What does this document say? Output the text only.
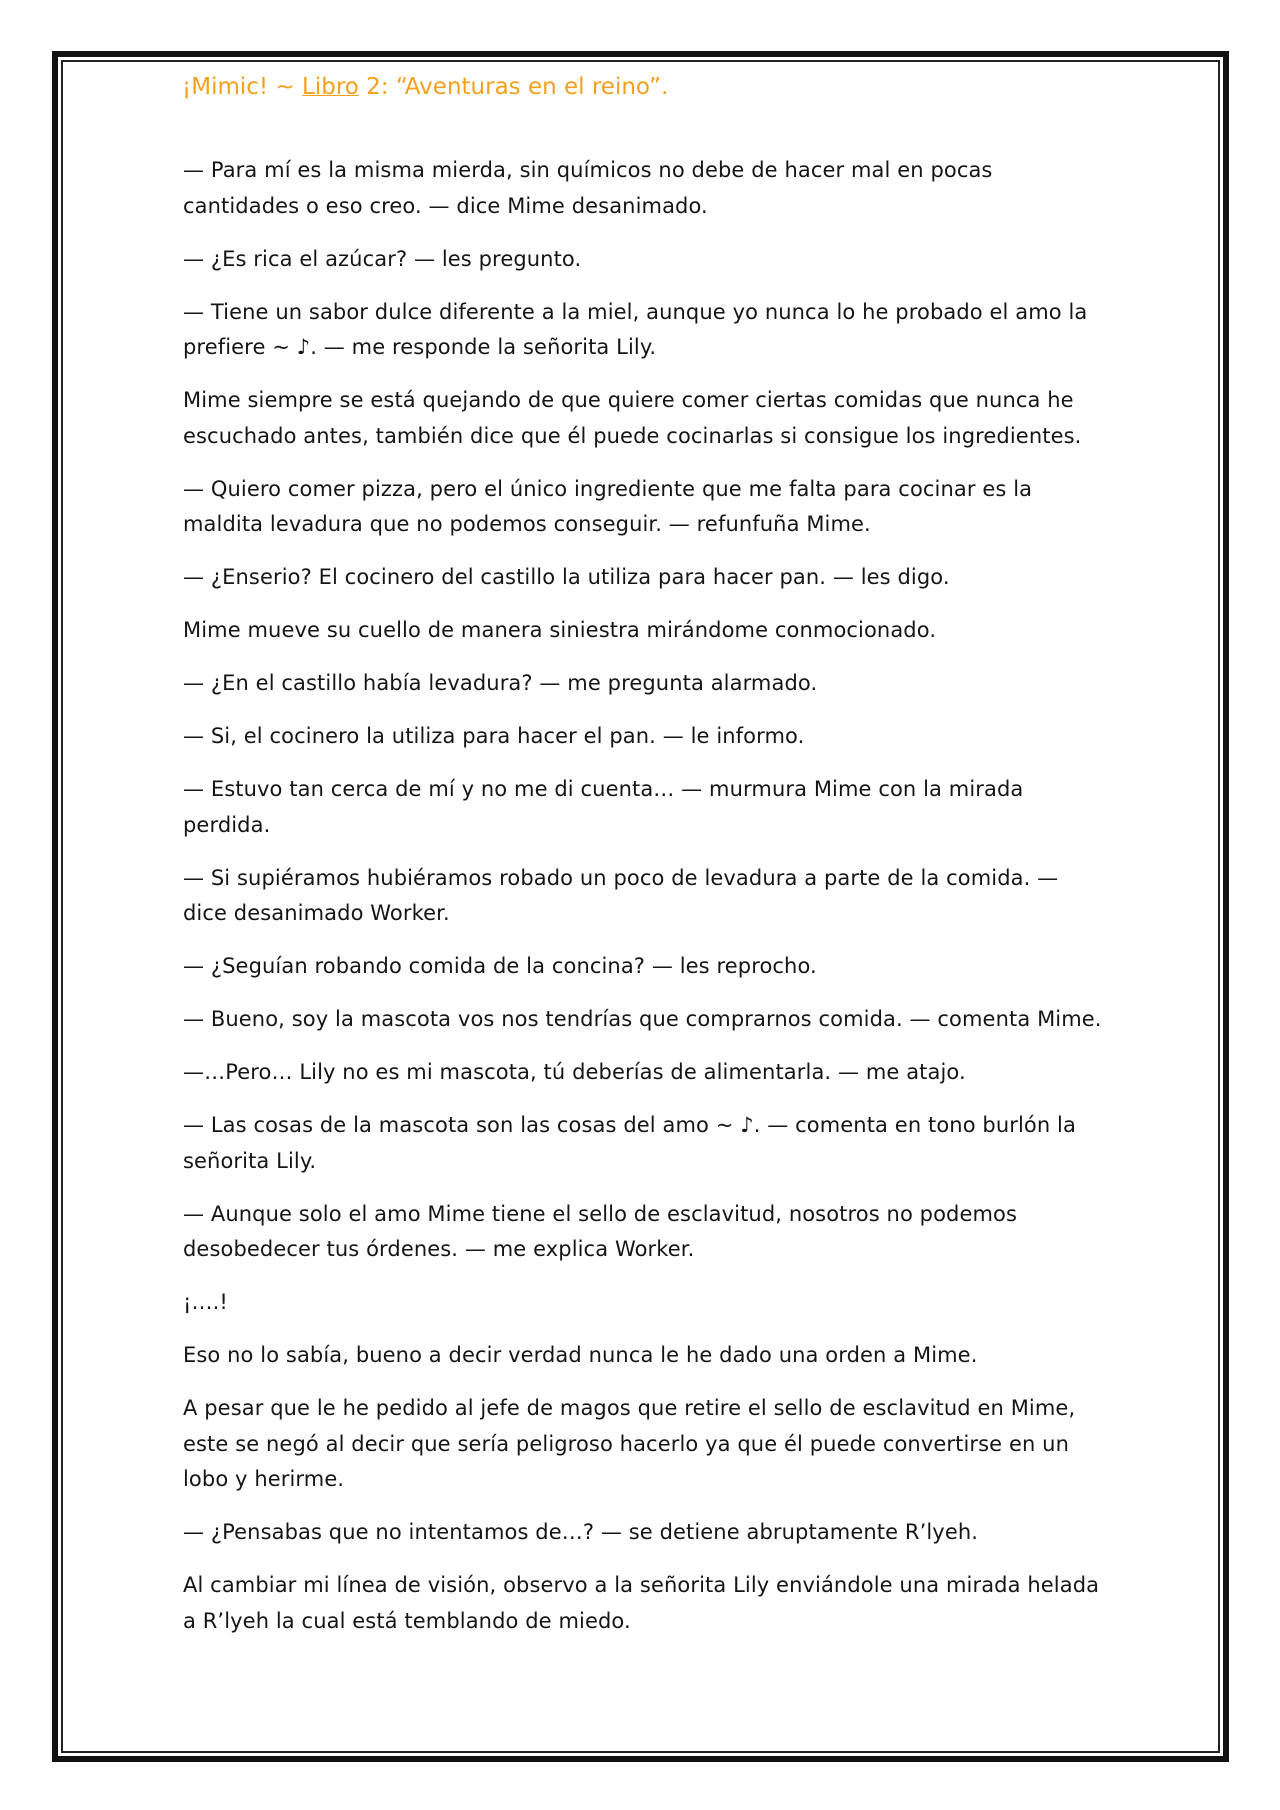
¡Mimic! ~ Libro 2: “Aventuras en el reino”.

— Para mí es la misma mierda, sin químicos no debe de hacer mal en pocas cantidades o eso creo. — dice Mime desanimado.

— ¿Es rica el azúcar? — les pregunto.

— Tiene un sabor dulce diferente a la miel, aunque yo nunca lo he probado el amo la prefiere ~ ♪. — me responde la señorita Lily.

Mime siempre se está quejando de que quiere comer ciertas comidas que nunca he escuchado antes, también dice que él puede cocinarlas si consigue los ingredientes.

— Quiero comer pizza, pero el único ingrediente que me falta para cocinar es la maldita levadura que no podemos conseguir. — refunfuña Mime.

— ¿Enserio? El cocinero del castillo la utiliza para hacer pan. — les digo.

Mime mueve su cuello de manera siniestra mirándome conmocionado.

— ¿En el castillo había levadura? — me pregunta alarmado.

— Si, el cocinero la utiliza para hacer el pan. — le informo.

— Estuvo tan cerca de mí y no me di cuenta… — murmura Mime con la mirada perdida.

— Si supiéramos hubiéramos robado un poco de levadura a parte de la comida. — dice desanimado Worker.

— ¿Seguían robando comida de la concina? — les reprocho.

— Bueno, soy la mascota vos nos tendrías que comprarnos comida. — comenta Mime.

—…Pero… Lily no es mi mascota, tú deberías de alimentarla. — me atajo.

— Las cosas de la mascota son las cosas del amo ~ ♪. — comenta en tono burlón la señorita Lily.

— Aunque solo el amo Mime tiene el sello de esclavitud, nosotros no podemos desobedecer tus órdenes. — me explica Worker.

¡….!

Eso no lo sabía, bueno a decir verdad nunca le he dado una orden a Mime.

A pesar que le he pedido al jefe de magos que retire el sello de esclavitud en Mime, este se negó al decir que sería peligroso hacerlo ya que él puede convertirse en un lobo y herirme.

— ¿Pensabas que no intentamos de…? — se detiene abruptamente R’lyeh.

Al cambiar mi línea de visión, observo a la señorita Lily enviándole una mirada helada a R’lyeh la cual está temblando de miedo.
